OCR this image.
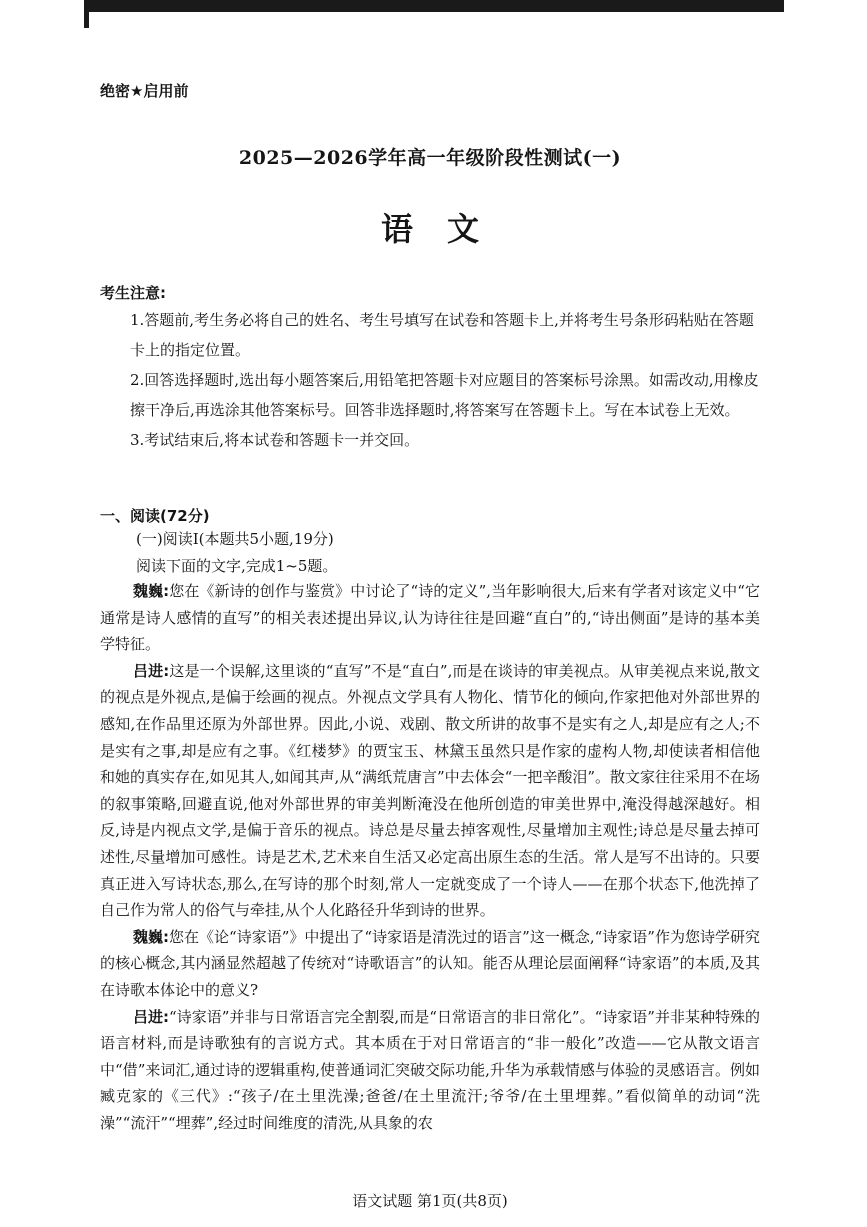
绝密★启用前
2025—2026学年高一年级阶段性测试(一)
语文
考生注意:

1.答题前,考生务必将自己的姓名、考生号填写在试卷和答题卡上,并将考生号条形码粘贴在答题卡上的指定位置。

2.回答选择题时,选出每小题答案后,用铅笔把答题卡对应题目的答案标号涂黑。如需改动,用橡皮擦干净后,再选涂其他答案标号。回答非选择题时,将答案写在答题卡上。写在本试卷上无效。

3.考试结束后,将本试卷和答题卡一并交回。

一、阅读(72分)
(一)阅读Ⅰ(本题共5小题,19分)
阅读下面的文字,完成1~5题。

魏巍:您在《新诗的创作与鉴赏》中讨论了“诗的定义”,当年影响很大,后来有学者对该定义中“它通常是诗人感情的直写”的相关表述提出异议,认为诗往往是回避“直白”的,“诗出侧面”是诗的基本美学特征。

吕进:这是一个误解,这里谈的“直写”不是“直白”,而是在谈诗的审美视点。从审美视点来说,散文的视点是外视点,是偏于绘画的视点。外视点文学具有人物化、情节化的倾向,作家把他对外部世界的感知,在作品里还原为外部世界。因此,小说、戏剧、散文所讲的故事不是实有之人,却是应有之人;不是实有之事,却是应有之事。《红楼梦》的贾宝玉、林黛玉虽然只是作家的虚构人物,却使读者相信他和她的真实存在,如见其人,如闻其声,从“满纸荒唐言”中去体会“一把辛酸泪”。散文家往往采用不在场的叙事策略,回避直说,他对外部世界的审美判断淹没在他所创造的审美世界中,淹没得越深越好。相反,诗是内视点文学,是偏于音乐的视点。诗总是尽量去掉客观性,尽量增加主观性;诗总是尽量去掉可述性,尽量增加可感性。诗是艺术,艺术来自生活又必定高出原生态的生活。常人是写不出诗的。只要真正进入写诗状态,那么,在写诗的那个时刻,常人一定就变成了一个诗人——在那个状态下,他洗掉了自己作为常人的俗气与牵挂,从个人化路径升华到诗的世界。

魏巍:您在《论“诗家语”》中提出了“诗家语是清洗过的语言”这一概念,“诗家语”作为您诗学研究的核心概念,其内涵显然超越了传统对“诗歌语言”的认知。能否从理论层面阐释“诗家语”的本质,及其在诗歌本体论中的意义?

吕进:“诗家语”并非与日常语言完全割裂,而是“日常语言的非日常化”。“诗家语”并非某种特殊的语言材料,而是诗歌独有的言说方式。其本质在于对日常语言的“非一般化”改造——它从散文语言中“借”来词汇,通过诗的逻辑重构,使普通词汇突破交际功能,升华为承载情感与体验的灵感语言。例如臧克家的《三代》:“孩子/在土里洗澡;爸爸/在土里流汗;爷爷/在土里埋葬。”看似简单的动词“洗澡”“流汗”“埋葬”,经过时间维度的清洗,从具象的农

语文试题 第1页(共8页)
